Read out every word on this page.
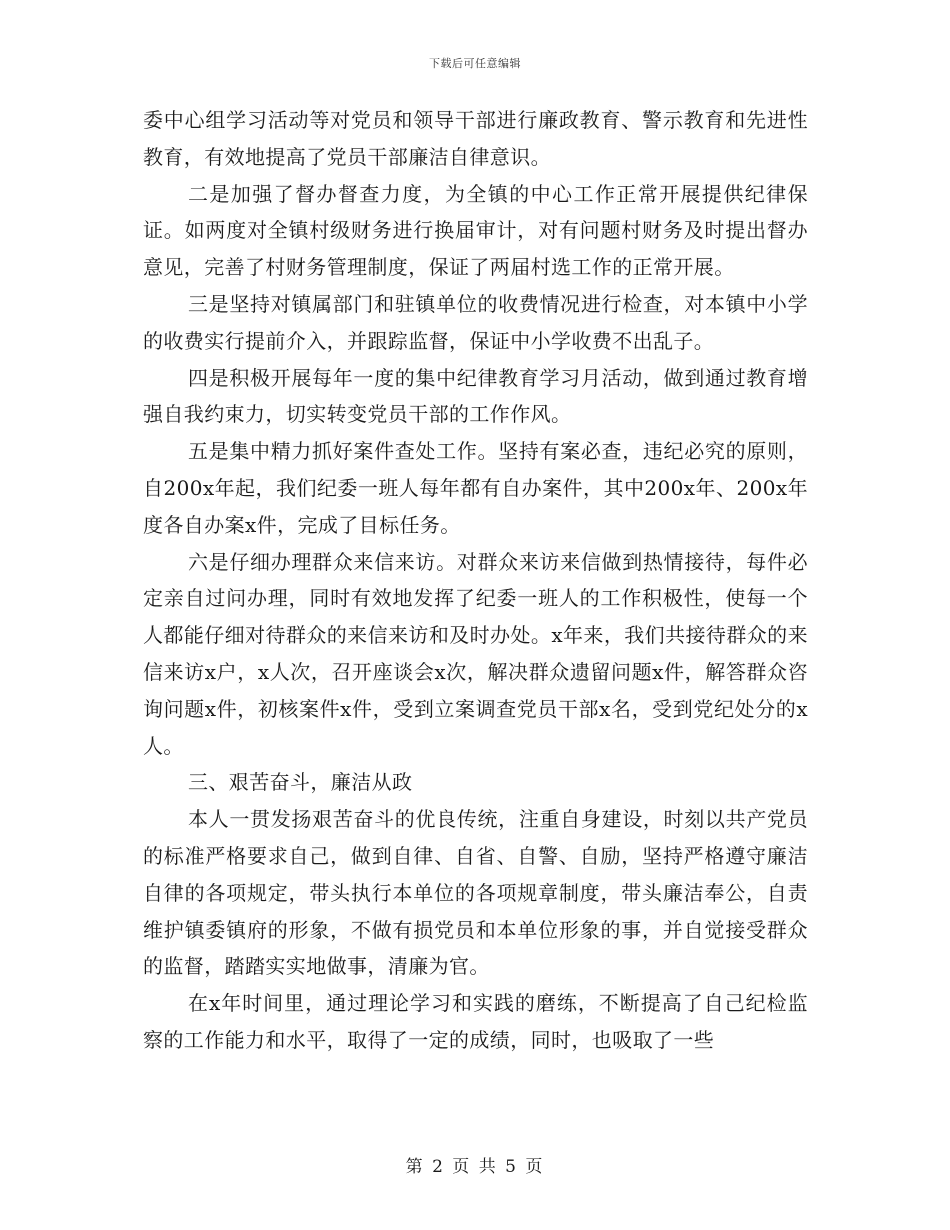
下载后可任意编辑

委中心组学习活动等对党员和领导干部进行廉政教育、警示教育和先进性教育，有效地提高了党员干部廉洁自律意识。

二是加强了督办督查力度，为全镇的中心工作正常开展提供纪律保证。如两度对全镇村级财务进行换届审计，对有问题村财务及时提出督办意见，完善了村财务管理制度，保证了两届村选工作的正常开展。

三是坚持对镇属部门和驻镇单位的收费情况进行检查，对本镇中小学的收费实行提前介入，并跟踪监督，保证中小学收费不出乱子。

四是积极开展每年一度的集中纪律教育学习月活动，做到通过教育增强自我约束力，切实转变党员干部的工作作风。

五是集中精力抓好案件查处工作。坚持有案必查，违纪必究的原则，自200x年起，我们纪委一班人每年都有自办案件，其中200x年、200x年度各自办案x件，完成了目标任务。

六是仔细办理群众来信来访。对群众来访来信做到热情接待，每件必定亲自过问办理，同时有效地发挥了纪委一班人的工作积极性，使每一个人都能仔细对待群众的来信来访和及时办处。x年来，我们共接待群众的来信来访x户，x人次，召开座谈会x次，解决群众遗留问题x件，解答群众咨询问题x件，初核案件x件，受到立案调查党员干部x名，受到党纪处分的x人。

三、艰苦奋斗，廉洁从政

本人一贯发扬艰苦奋斗的优良传统，注重自身建设，时刻以共产党员的标准严格要求自己，做到自律、自省、自警、自励，坚持严格遵守廉洁自律的各项规定，带头执行本单位的各项规章制度，带头廉洁奉公，自责维护镇委镇府的形象，不做有损党员和本单位形象的事，并自觉接受群众的监督，踏踏实实地做事，清廉为官。

在x年时间里，通过理论学习和实践的磨练，不断提高了自己纪检监察的工作能力和水平，取得了一定的成绩，同时，也吸取了一些

第 2 页 共 5 页
